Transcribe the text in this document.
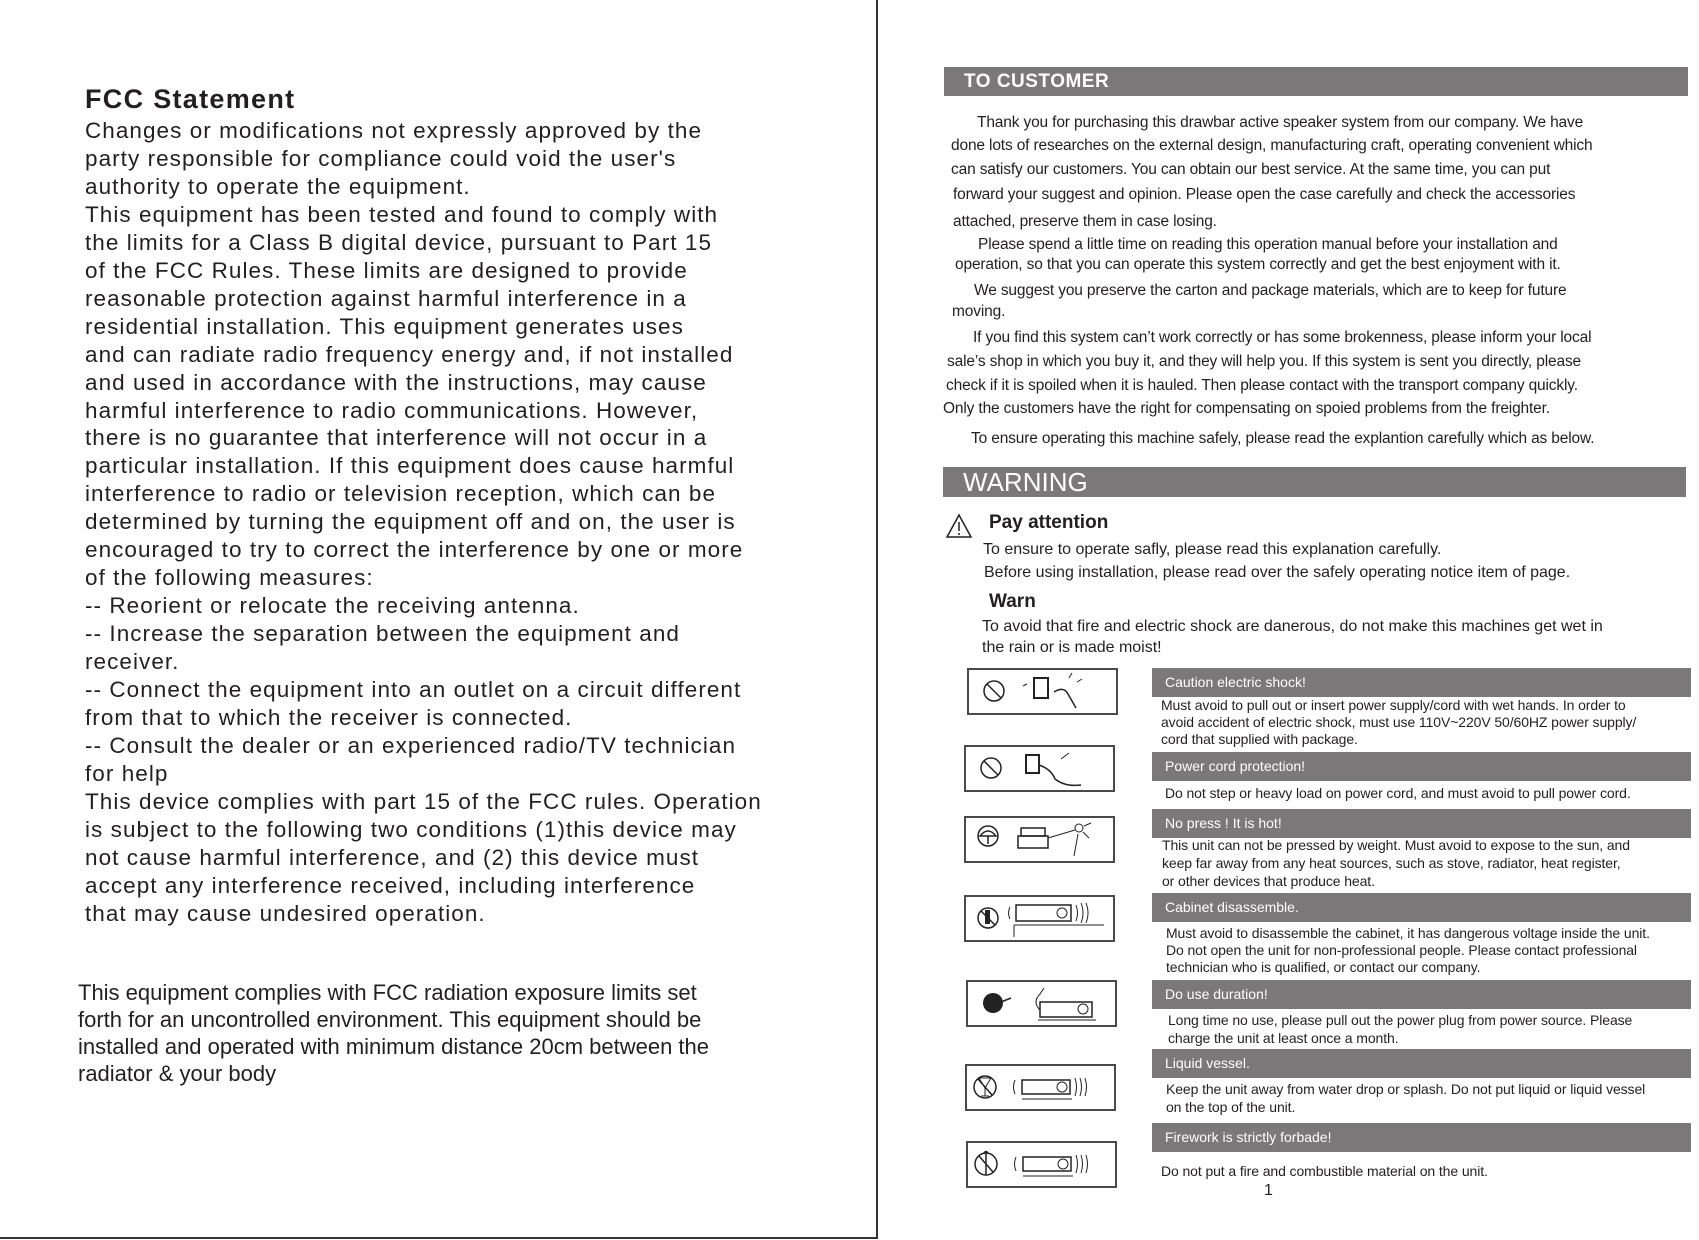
FCC Statement
Changes or modifications not expressly approved by the
party responsible for compliance could void the user's
authority to operate the equipment.
This equipment has been tested and found to comply with
the limits for a Class B digital device, pursuant to Part 15
of the FCC Rules. These limits are designed to provide
reasonable protection against harmful interference in a
residential installation. This equipment generates uses
and can radiate radio frequency energy and, if not installed
and used in accordance with the instructions, may cause
harmful interference to radio communications. However,
there is no guarantee that interference will not occur in a
particular installation. If this equipment does cause harmful
interference to radio or television reception, which can be
determined by turning the equipment off and on, the user is
encouraged to try to correct the interference by one or more
of the following measures:
-- Reorient or relocate the receiving antenna.
-- Increase the separation between the equipment and
receiver.
-- Connect the equipment into an outlet on a circuit different
from that to which the receiver is connected.
-- Consult the dealer or an experienced radio/TV technician
for help
This device complies with part 15 of the FCC rules. Operation
is subject to the following two conditions (1)this device may
not cause harmful interference, and (2) this device must
accept any interference received, including interference
that may cause undesired operation.
This equipment complies with FCC radiation exposure limits set
forth for an uncontrolled environment. This equipment should be
installed and operated with minimum distance 20cm between the
radiator & your body
TO CUSTOMER
Thank you for purchasing this drawbar active speaker system from our company. We have
done lots of researches on the external design, manufacturing craft, operating convenient which
can satisfy our customers. You can obtain our best service. At the same time, you can put
forward your suggest and opinion. Please open the case carefully and check the accessories
attached, preserve them in case losing.
Please spend a little time on reading this operation manual before your installation and
operation, so that you can operate this system correctly and get the best enjoyment with it.
We suggest you preserve the carton and package materials, which are to keep for future
moving.
If you find this system can’t work correctly or has some brokenness, please inform your local
sale’s shop in which you buy it, and they will help you. If this system is sent you directly, please
check if it is spoiled when it is hauled. Then please contact with the transport company quickly.
Only the customers have the right for compensating on spoied problems from the freighter.
To ensure operating this machine safely, please read the explantion carefully which as below.
WARNING
Pay attention
To ensure to operate safly, please read this explanation carefully.
Before using installation, please read over the safely operating notice item of page.
Warn
To avoid that fire and electric shock are danerous, do not make this machines get wet in
the rain or is made moist!
Caution electric shock!
Must avoid to pull out or insert power supply/cord with wet hands. In order to
avoid accident of electric shock, must use 110V~220V 50/60HZ power supply/
cord that supplied with package.
Power cord protection!
Do not step or heavy load on power cord, and must avoid to pull power cord.
No press ! It is hot!
This unit can not be pressed by weight. Must avoid to expose to the sun, and
keep far away from any heat sources, such as stove, radiator, heat register,
or other devices that produce heat.
Cabinet disassemble.
Must avoid to disassemble the cabinet, it has dangerous voltage inside the unit.
Do not open the unit for non-professional people. Please contact professional
technician who is qualified, or contact our company.
Do use duration!
Long time no use, please pull out the power plug from power source. Please
charge the unit at least once a month.
Liquid vessel.
Keep the unit away from water drop or splash. Do not put liquid or liquid vessel
on the top of the unit.
Firework is strictly forbade!
Do not put a fire and combustible material on the unit.
1
